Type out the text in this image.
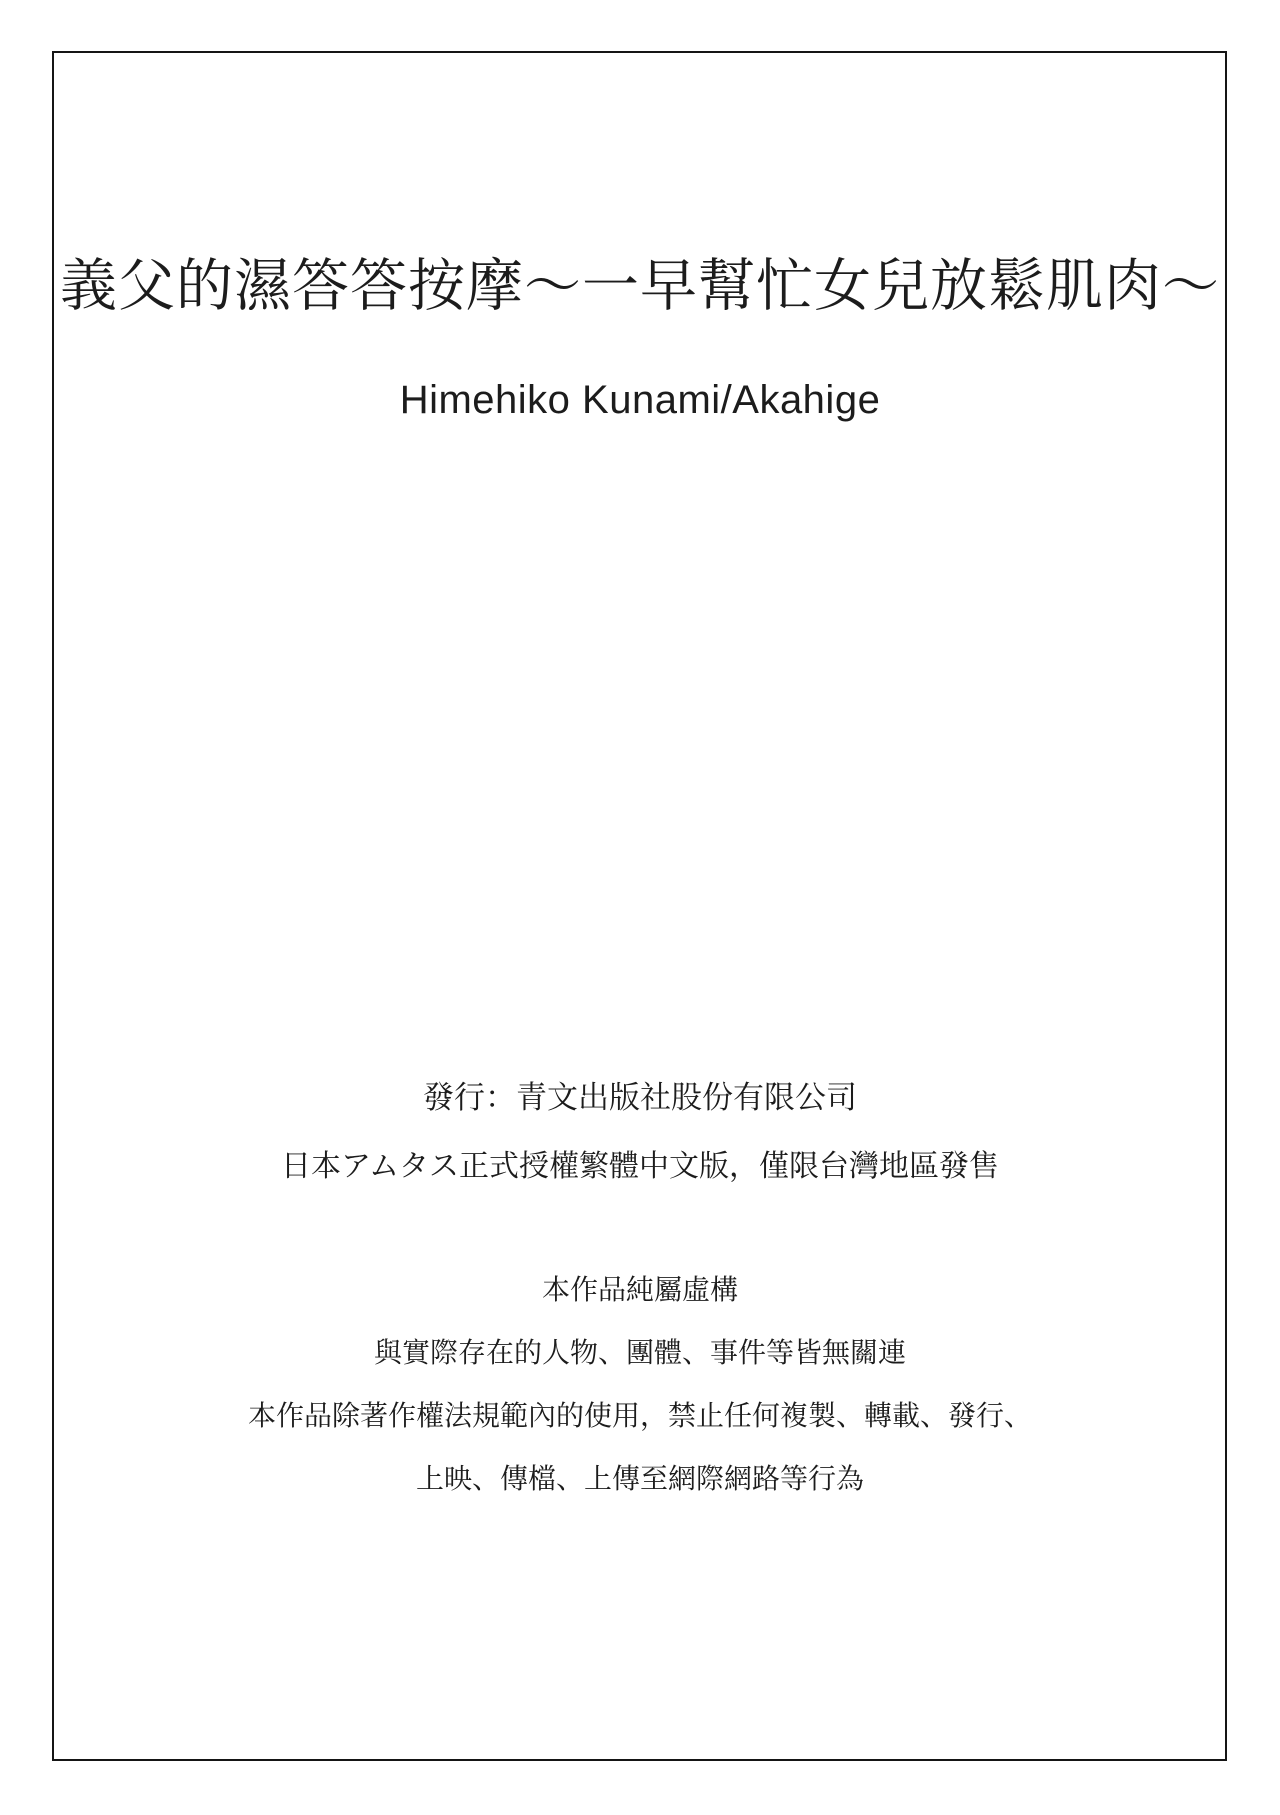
義父的濕答答按摩～一早幫忙女兒放鬆肌肉～
Himehiko Kunami/Akahige
發行：青文出版社股份有限公司
日本アムタス正式授權繁體中文版，僅限台灣地區發售
本作品純屬虛構
與實際存在的人物、團體、事件等皆無關連
本作品除著作權法規範內的使用，禁止任何複製、轉載、發行、
上映、傳檔、上傳至網際網路等行為
